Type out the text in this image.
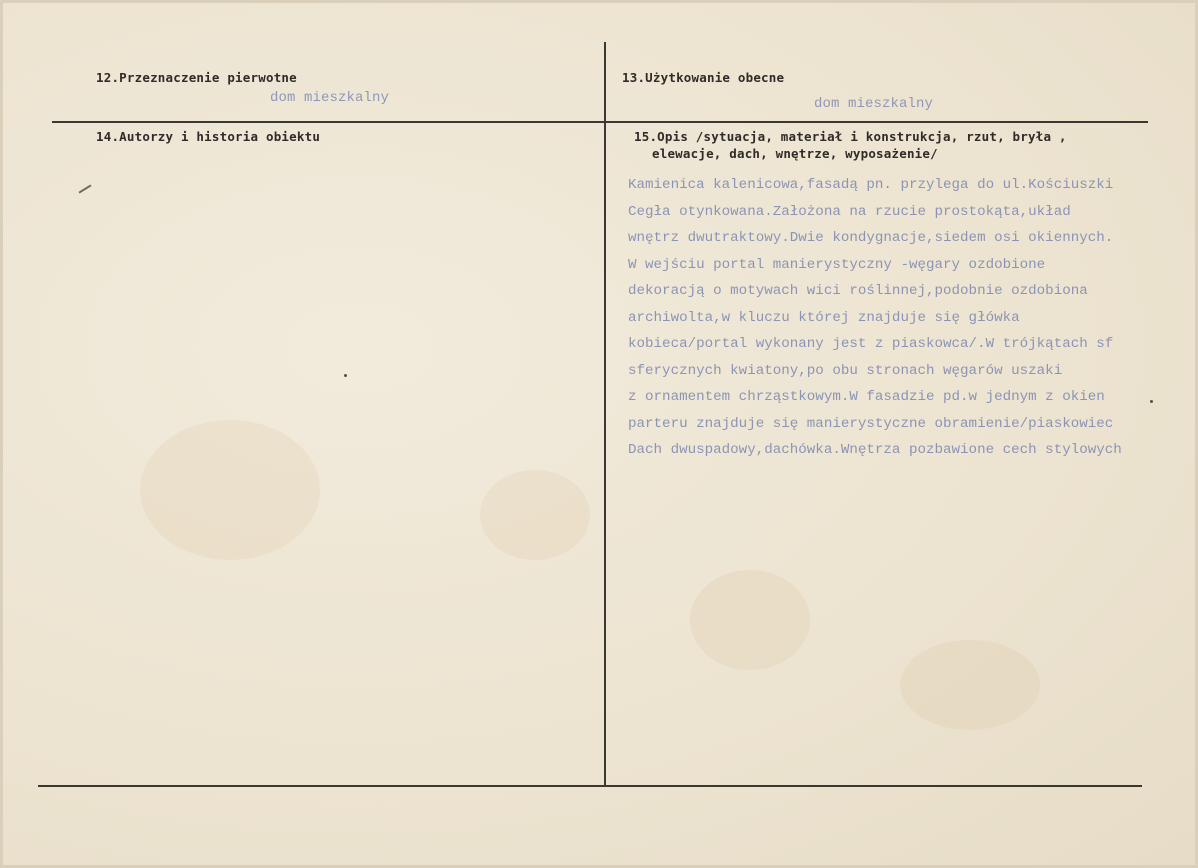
12.Przeznaczenie pierwotne
dom mieszkalny
13.Użytkowanie obecne
dom mieszkalny
14.Autorzy i historia obiektu	15.Opis /sytuacja, materiał i konstrukcja, rzut, bryła ,
elewacje, dach, wnętrze, wyposażenie/
Kamienica kalenicowa,fasadą pn. przylega do ul.Kościuszki
Cegła otynkowana.Założona na rzucie prostokąta,układ
wnętrz dwutraktowy.Dwie kondygnacje,siedem osi okiennych.
W wejściu portal manierystyczny -węgary ozdobione
dekoracją o motywach wici roślinnej,podobnie ozdobiona
archiwolta,w kluczu której znajduje się główka
kobieca/portal wykonany jest z piaskowca/.W trójkątach sf
sferycznych kwiatony,po obu stronach węgarów uszaki
z ornamentem chrząstkowym.W fasadzie pd.w jednym z okien
parteru znajduje się manierystyczne obramienie/piaskowiec
Dach dwuspadowy,dachówka.Wnętrza pozbawione cech stylowych
